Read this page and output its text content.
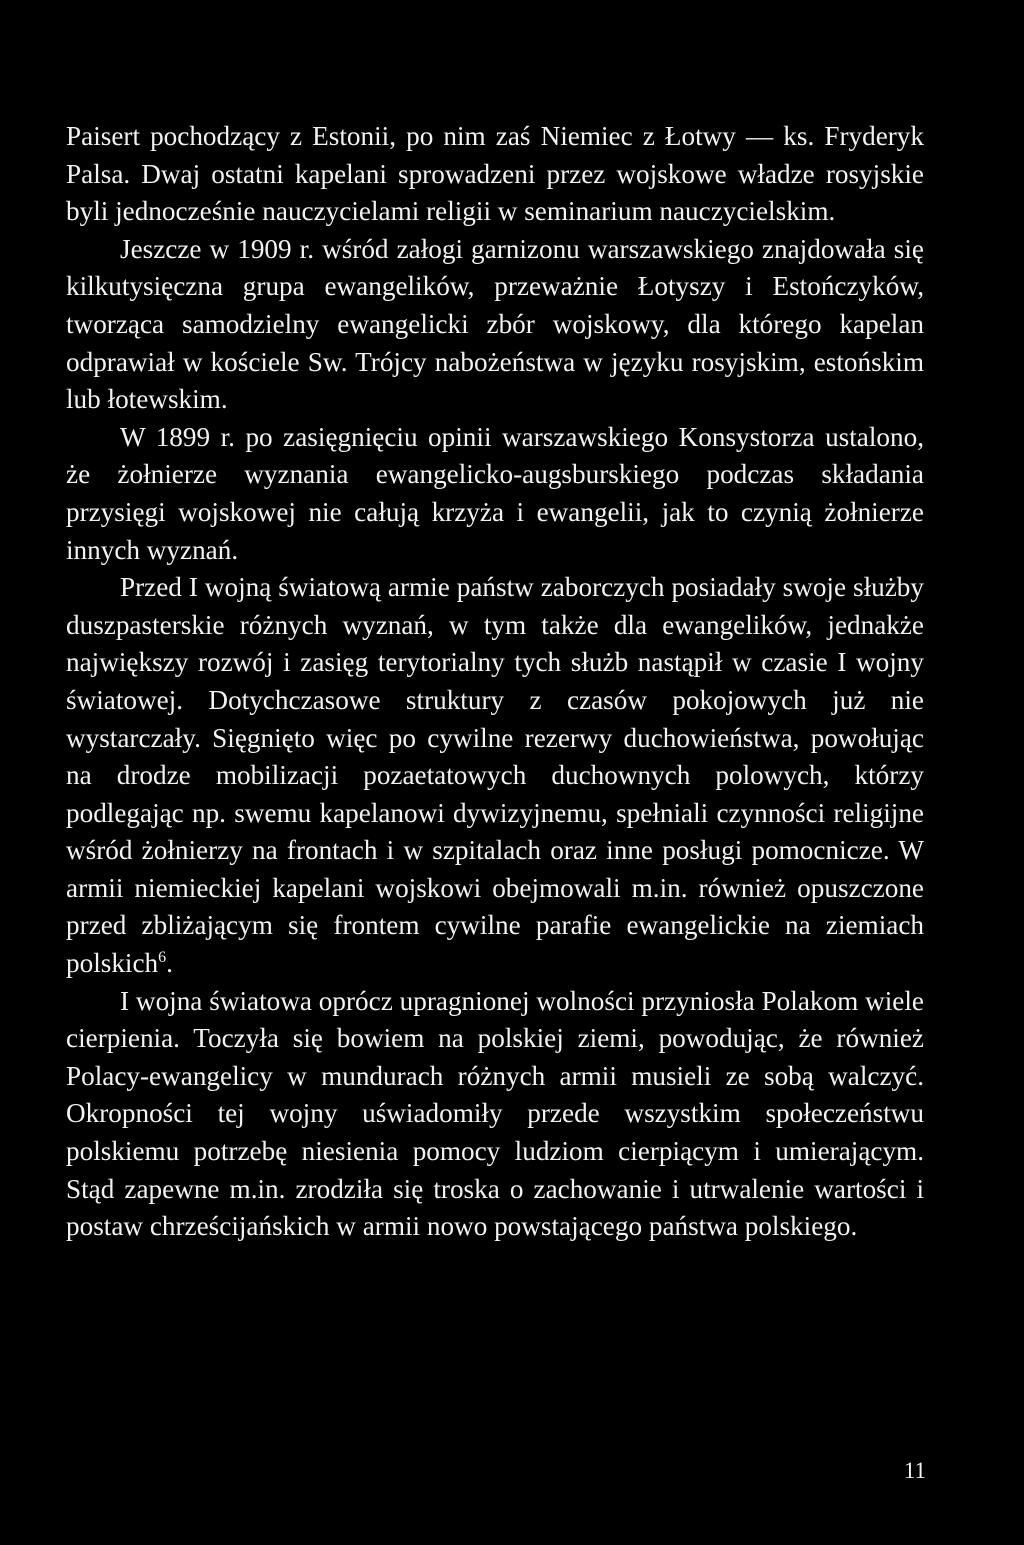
Paisert pochodzący z Estonii, po nim zaś Niemiec z Łotwy — ks. Fryderyk Palsa. Dwaj ostatni kapelani sprowadzeni przez wojskowe władze rosyjskie byli jednocześnie nauczycielami religii w seminarium nauczycielskim.

Jeszcze w 1909 r. wśród załogi garnizonu warszawskiego znajdowała się kilkutysięczna grupa ewangelików, przeważnie Łotyszy i Estończyków, tworząca samodzielny ewangelicki zbór wojskowy, dla którego kapelan odprawiał w kościele Sw. Trójcy nabożeństwa w języku rosyjskim, estońskim lub łotewskim.

W 1899 r. po zasięgnięciu opinii warszawskiego Konsystorza ustalono, że żołnierze wyznania ewangelicko-augsburskiego podczas składania przysięgi wojskowej nie całują krzyża i ewangelii, jak to czynią żołnierze innych wyznań.

Przed I wojną światową armie państw zaborczych posiadały swoje służby duszpasterskie różnych wyznań, w tym także dla ewangelików, jednakże największy rozwój i zasięg terytorialny tych służb nastąpił w czasie I wojny światowej. Dotychczasowe struktury z czasów pokojowych już nie wystarczały. Sięgnięto więc po cywilne rezerwy duchowieństwa, powołując na drodze mobilizacji pozaetatowych duchownych polowych, którzy podlegając np. swemu kapelanowi dywizyjnemu, spełniali czynności religijne wśród żołnierzy na frontach i w szpitalach oraz inne posługi pomocnicze. W armii niemieckiej kapelani wojskowi obejmowali m.in. również opuszczone przed zbliżającym się frontem cywilne parafie ewangelickie na ziemiach polskich$^6$.

I wojna światowa oprócz upragnionej wolności przyniosła Polakom wiele cierpienia. Toczyła się bowiem na polskiej ziemi, powodując, że również Polacy-ewangelicy w mundurach różnych armii musieli ze sobą walczyć. Okropności tej wojny uświadomiły przede wszystkim społeczeństwu polskiemu potrzebę niesienia pomocy ludziom cierpiącym i umierającym. Stąd zapewne m.in. zrodziła się troska o zachowanie i utrwalenie wartości i postaw chrześcijańskich w armii nowo powstającego państwa polskiego.

11
